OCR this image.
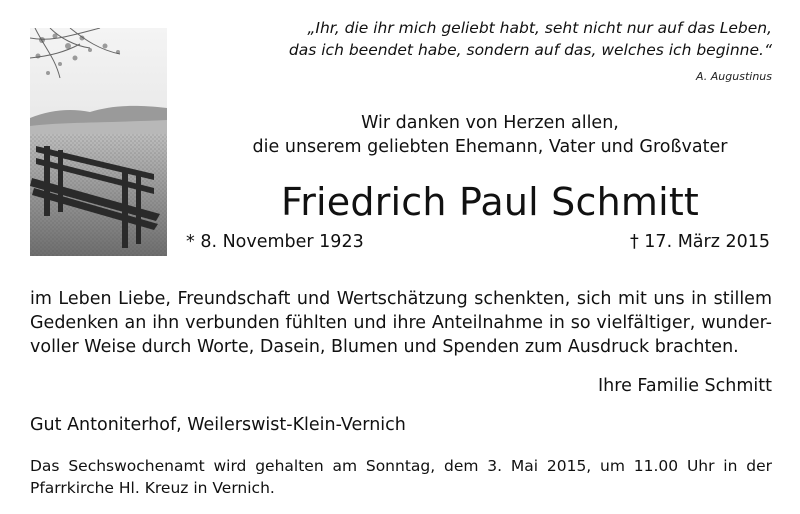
„Ihr, die ihr mich geliebt habt, seht nicht nur auf das Leben,
das ich beendet habe, sondern auf das, welches ich beginne.“
A. Augustinus
Wir danken von Herzen allen,
die unserem geliebten Ehemann, Vater und Großvater
Friedrich Paul Schmitt
* 8. November 1923	† 17. März 2015
im Leben Liebe, Freundschaft und Wertschätzung schenkten, sich mit uns in stillem
Gedenken an ihn verbunden fühlten und ihre Anteilnahme in so vielfältiger, wunder-
voller Weise durch Worte, Dasein, Blumen und Spenden zum Ausdruck brachten.
Ihre Familie Schmitt
Gut Antoniterhof, Weilerswist-Klein-Vernich
Das Sechswochenamt wird gehalten am Sonntag, dem 3. Mai 2015, um 11.00 Uhr in der
Pfarrkirche Hl. Kreuz in Vernich.
